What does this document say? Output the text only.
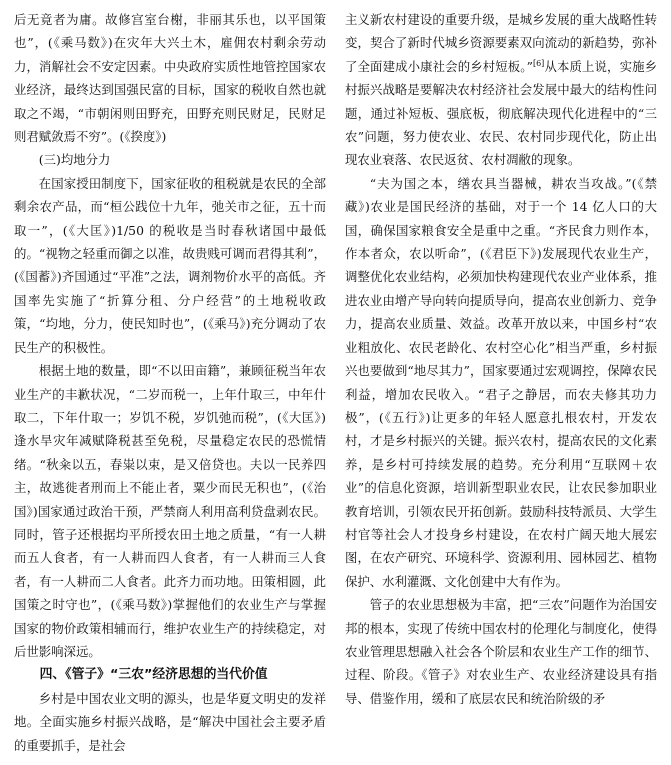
后无竟者为庸。故修宫室台榭，非丽其乐也，以平国策也”，(《乘马数》)在灾年大兴土木，雇佣农村剩余劳动力，消解社会不安定因素。中央政府实质性地管控国家农业经济，最终达到国强民富的目标，国家的税收自然也就取之不竭，“市朝闲则田野充，田野充则民财足，民财足则君赋敛焉不穷”。(《揆度》)

(三)均地分力

在国家授田制度下，国家征收的租税就是农民的全部剩余农产品，而“桓公践位十九年，弛关市之征，五十而取一”，(《大匡》)1/50 的税收是当时春秋诸国中最低的。“视物之轻重而御之以准，故贵贱可调而君得其利”，(《国蓄》)齐国通过“平准”之法，调剂物价水平的高低。齐国率先实施了“折算分租、分户经营”的土地税收政策，“均地，分力，使民知时也”，(《乘马》)充分调动了农民生产的积极性。

根据土地的数量，即“不以田亩籍”，兼顾征税当年农业生产的丰歉状况，“二岁而税一，上年什取三，中年什取二，下年什取一；岁饥不税，岁饥弛而税”，(《大匡》)逢水旱灾年减赋降税甚至免税，尽量稳定农民的恐慌情绪。“秋籴以五，春粜以束，是又倍贷也。夫以一民养四主，故逃徙者刑而上不能止者，粟少而民无积也”，(《治国》)国家通过政治干预，严禁商人利用高利贷盘剥农民。同时，管子还根据均平所授农田土地之质量，“有一人耕而五人食者，有一人耕而四人食者，有一人耕而三人食者，有一人耕而二人食者。此齐力而功地。田策相圆，此国策之时守也”，(《乘马数》)掌握他们的农业生产与掌握国家的物价政策相辅而行，维护农业生产的持续稳定，对后世影响深远。

四、《管子》“三农”经济思想的当代价值

乡村是中国农业文明的源头，也是华夏文明史的发祥地。全面实施乡村振兴战略，是“解决中国社会主要矛盾的重要抓手，是社会

主义新农村建设的重要升级，是城乡发展的重大战略性转变，契合了新时代城乡资源要素双向流动的新趋势，弥补了全面建成小康社会的乡村短板。”[6]从本质上说，实施乡村振兴战略是要解决农村经济社会发展中最大的结构性问题，通过补短板、强底板，彻底解决现代化进程中的“三农”问题，努力使农业、农民、农村同步现代化，防止出现农业衰落、农民返贫、农村凋敝的现象。

“夫为国之本，缮农具当器械，耕农当攻战。”(《禁藏》)农业是国民经济的基础，对于一个 14 亿人口的大国，确保国家粮食安全是重中之重。“齐民食力则作本，作本者众，农以听命”，(《君臣下》)发展现代农业生产，调整优化农业结构，必须加快构建现代农业产业体系，推进农业由增产导向转向提质导向，提高农业创新力、竞争力，提高农业质量、效益。改革开放以来，中国乡村“农业粗放化、农民老龄化、农村空心化”相当严重，乡村振兴也要做到“地尽其力”，国家要通过宏观调控，保障农民利益，增加农民收入。“君子之静居，而农夫修其功力极”，(《五行》)让更多的年轻人愿意扎根农村，开发农村，才是乡村振兴的关键。振兴农村，提高农民的文化素养，是乡村可持续发展的趋势。充分利用“互联网＋农业”的信息化资源，培训新型职业农民，让农民参加职业教育培训，引领农民开拓创新。鼓励科技特派员、大学生村官等社会人才投身乡村建设，在农村广阔天地大展宏图，在农产研究、环境科学、资源利用、园林园艺、植物保护、水利灌溉、文化创建中大有作为。

管子的农业思想极为丰富，把“三农”问题作为治国安邦的根本，实现了传统中国农村的伦理化与制度化，使得农业管理思想融入社会各个阶层和农业生产工作的细节、过程、阶段。《管子》对农业生产、农业经济建设具有指导、借鉴作用，缓和了底层农民和统治阶级的矛
